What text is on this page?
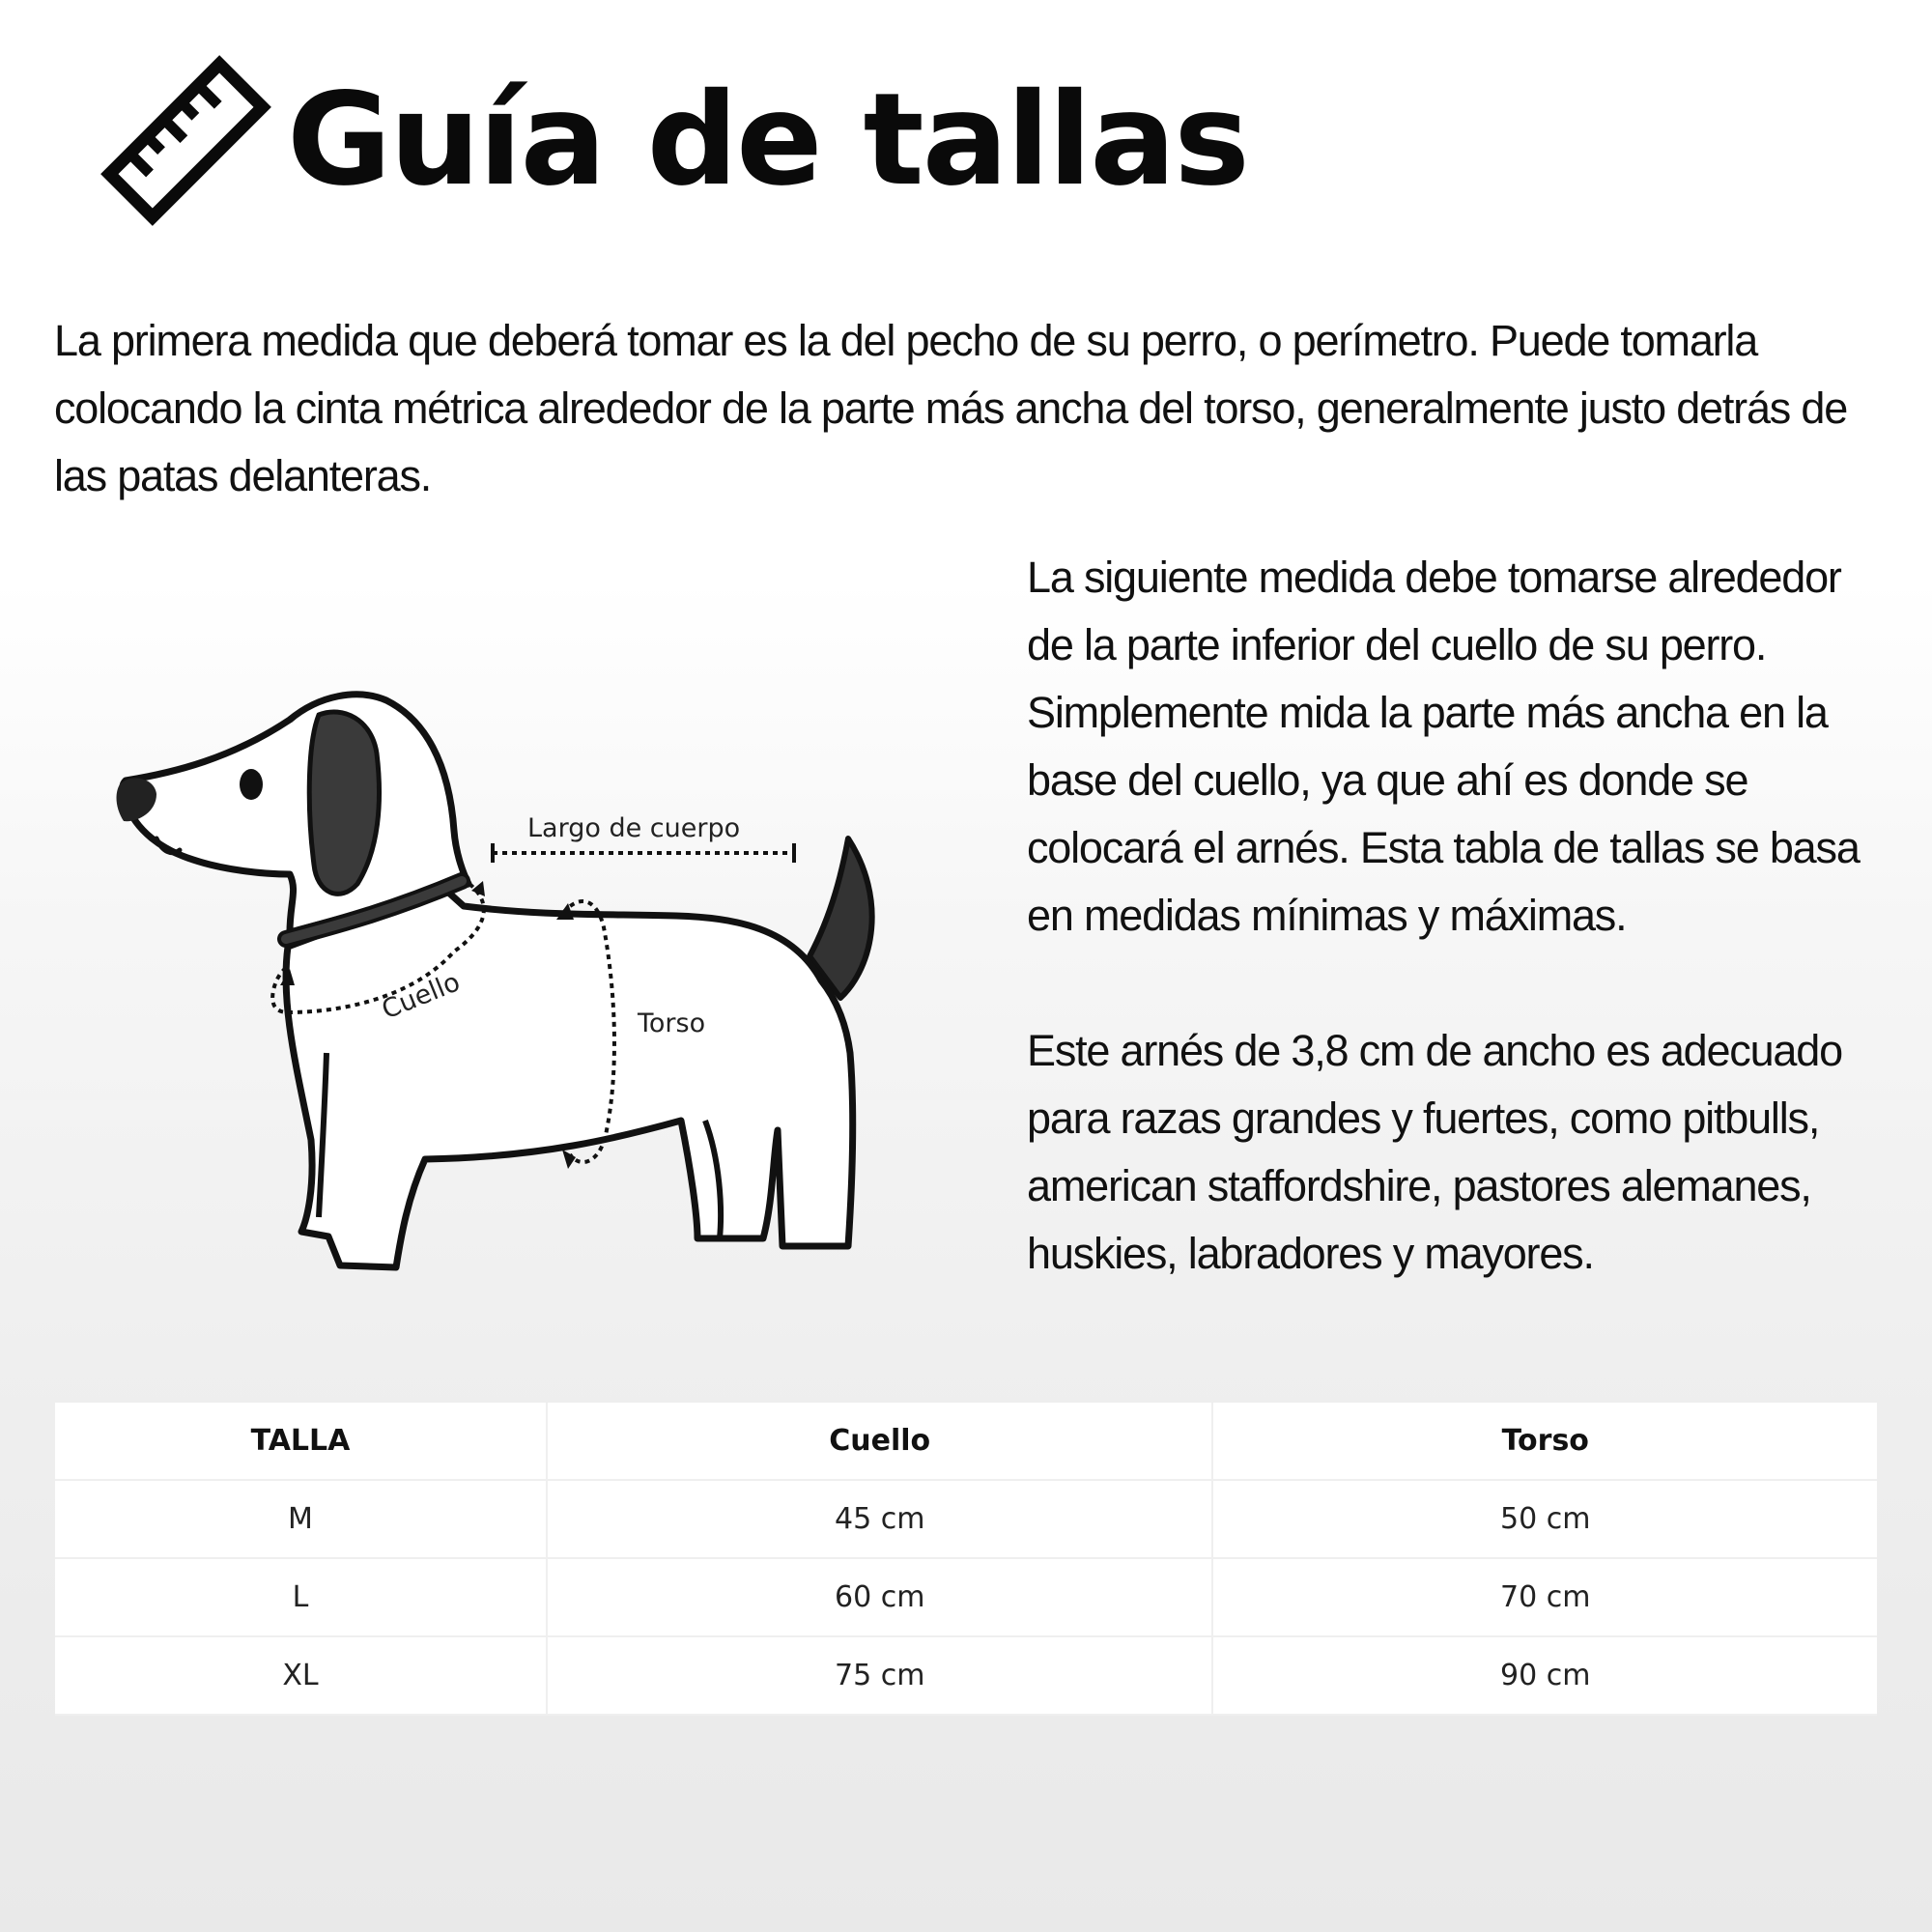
Guía de tallas

La primera medida que deberá tomar es la del pecho de su perro, o perímetro. Puede tomarla colocando la cinta métrica alrededor de la parte más ancha del torso, generalmente justo detrás de las patas delanteras.

Largo de cuerpo
Cuello	Torso

La siguiente medida debe tomarse alrededor de la parte inferior del cuello de su perro. Simplemente mida la parte más ancha en la base del cuello, ya que ahí es donde se colocará el arnés. Esta tabla de tallas se basa en medidas mínimas y máximas.

Este arnés de 3,8 cm de ancho es adecuado para razas grandes y fuertes, como pitbulls, american staffordshire, pastores alemanes, huskies, labradores y mayores.

TALLA	Cuello	Torso
M	45 cm	50 cm
L	60 cm	70 cm
XL	75 cm	90 cm
